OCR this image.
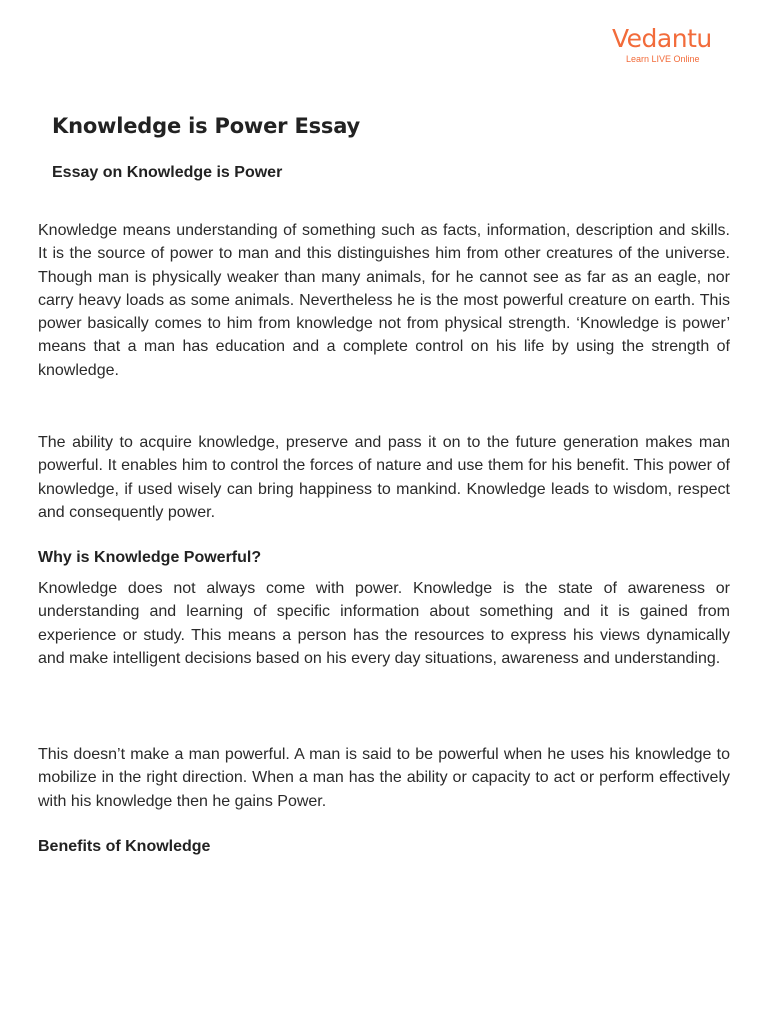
Vedantu
Learn LIVE Online
Knowledge is Power Essay
Essay on Knowledge is Power

Knowledge means understanding of something such as facts, information, description and skills. It is the source of power to man and this distinguishes him from other creatures of the universe. Though man is physically weaker than many animals, for he cannot see as far as an eagle, nor carry heavy loads as some animals. Nevertheless he is the most powerful creature on earth. This power basically comes to him from knowledge not from physical strength. ‘Knowledge is power’ means that a man has education and a complete control on his life by using the strength of knowledge.

The ability to acquire knowledge, preserve and pass it on to the future generation makes man powerful. It enables him to control the forces of nature and use them for his benefit. This power of knowledge, if used wisely can bring happiness to mankind. Knowledge leads to wisdom, respect and consequently power.

Why is Knowledge Powerful?

Knowledge does not always come with power. Knowledge is the state of awareness or understanding and learning of specific information about something and it is gained from experience or study. This means a person has the resources to express his views dynamically and make intelligent decisions based on his every day situations, awareness and understanding.

This doesn’t make a man powerful. A man is said to be powerful when he uses his knowledge to mobilize in the right direction. When a man has the ability or capacity to act or perform effectively with his knowledge then he gains Power.

Benefits of Knowledge
